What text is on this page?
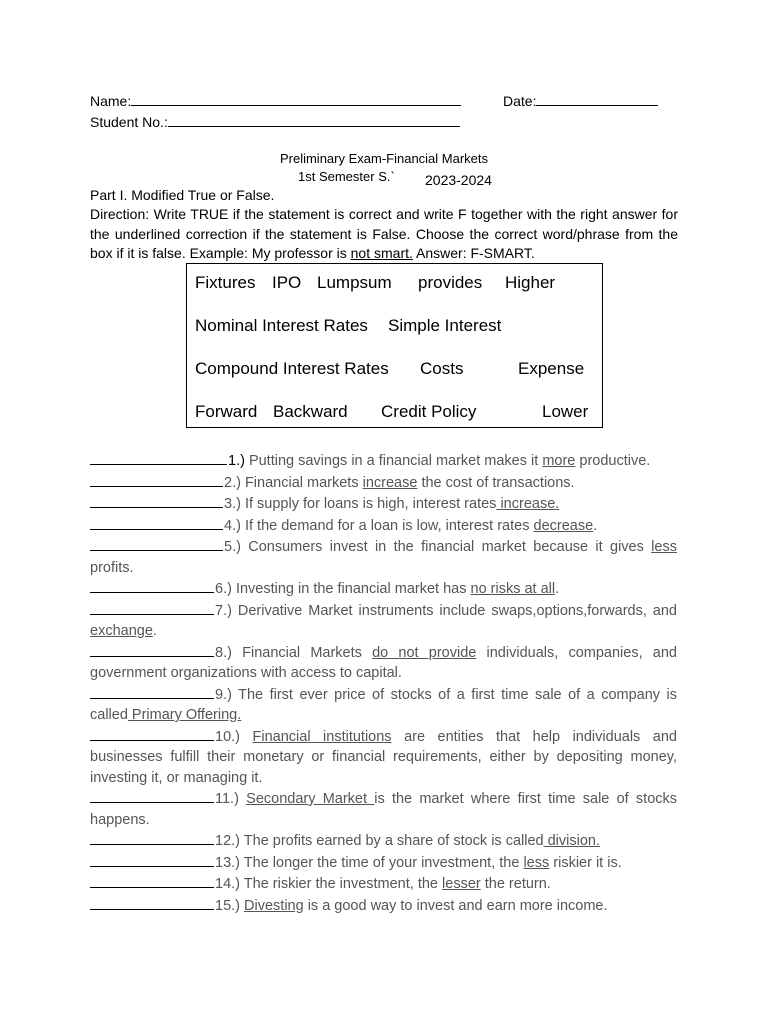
Name:	Date:
Student No.:
Preliminary Exam-Financial Markets
1st Semester S.` 2023-2024
Part I. Modified True or False.
Direction: Write TRUE if the statement is correct and write F together with the right answer for the underlined correction if the statement is False. Choose the correct word/phrase from the box if it is false. Example: My professor is not smart. Answer: F-SMART.
Fixtures IPO Lumpsum provides Higher
Nominal Interest Rates Simple Interest
Compound Interest Rates Costs	Expense
Forward Backward Credit Policy	Lower

1.) Putting savings in a financial market makes it more productive.

2.) Financial markets increase the cost of transactions.

3.) If supply for loans is high, interest rates increase.

4.) If the demand for a loan is low, interest rates decrease.

5.) Consumers invest in the financial market because it gives less profits.

6.) Investing in the financial market has no risks at all.

7.) Derivative Market instruments include swaps,options,forwards, and exchange.

8.) Financial Markets do not provide individuals, companies, and government organizations with access to capital.

9.) The first ever price of stocks of a first time sale of a company is called Primary Offering.

10.) Financial institutions are entities that help individuals and businesses fulfill their monetary or financial requirements, either by depositing money, investing it, or managing it.

11.) Secondary Market is the market where first time sale of stocks happens.

12.) The profits earned by a share of stock is called division.

13.) The longer the time of your investment, the less riskier it is.

14.) The riskier the investment, the lesser the return.

15.) Divesting is a good way to invest and earn more income.
